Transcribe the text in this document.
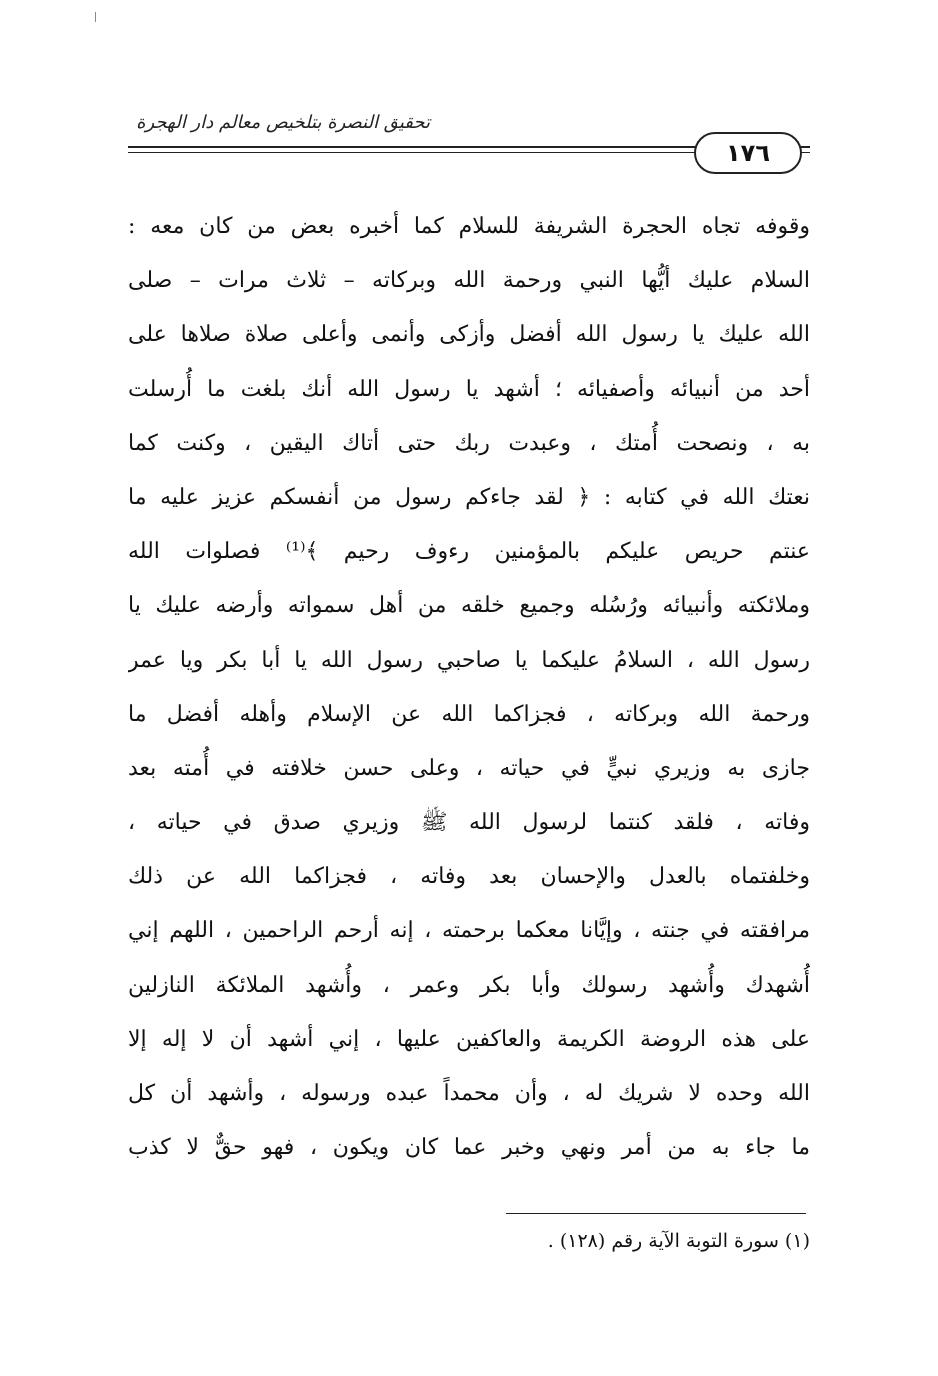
تحقيق النصرة بتلخيص معالم دار الهجرة
١٧٦
وقوفه تجاه الحجرة الشريفة للسلام كما أخبره بعض من كان معه :
السلام عليك أيُّها النبي ورحمة الله وبركاته – ثلاث مرات – صلى
الله عليك يا رسول الله أفضل وأزكى وأنمى وأعلى صلاة صلاها على
أحد من أنبيائه وأصفيائه ؛ أشهد يا رسول الله أنك بلغت ما أُرسلت
به ، ونصحت أُمتك ، وعبدت ربك حتى أتاك اليقين ، وكنت كما
نعتك الله في كتابه : ﴿ لقد جاءكم رسول من أنفسكم عزيز عليه ما
عنتم حريص عليكم بالمؤمنين رءوف رحيم ﴾⁽¹⁾ فصلوات الله
وملائكته وأنبيائه ورُسُله وجميع خلقه من أهل سمواته وأرضه عليك يا
رسول الله ، السلامُ عليكما يا صاحبي رسول الله يا أبا بكر ويا عمر
ورحمة الله وبركاته ، فجزاكما الله عن الإسلام وأهله أفضل ما
جازى به وزيري نبيٍّ في حياته ، وعلى حسن خلافته في أُمته بعد
وفاته ، فلقد كنتما لرسول الله ﷺ وزيري صدق في حياته ،
وخلفتماه بالعدل والإحسان بعد وفاته ، فجزاكما الله عن ذلك
مرافقته في جنته ، وإيَّانا معكما برحمته ، إنه أرحم الراحمين ، اللهم إني
أُشهدك وأُشهد رسولك وأبا بكر وعمر ، وأُشهد الملائكة النازلين
على هذه الروضة الكريمة والعاكفين عليها ، إني أشهد أن لا إله إلا
الله وحده لا شريك له ، وأن محمداً عبده ورسوله ، وأشهد أن كل
ما جاء به من أمر ونهي وخبر عما كان ويكون ، فهو حقٌّ لا كذب
(١) سورة التوبة الآية رقم (١٢٨) .
